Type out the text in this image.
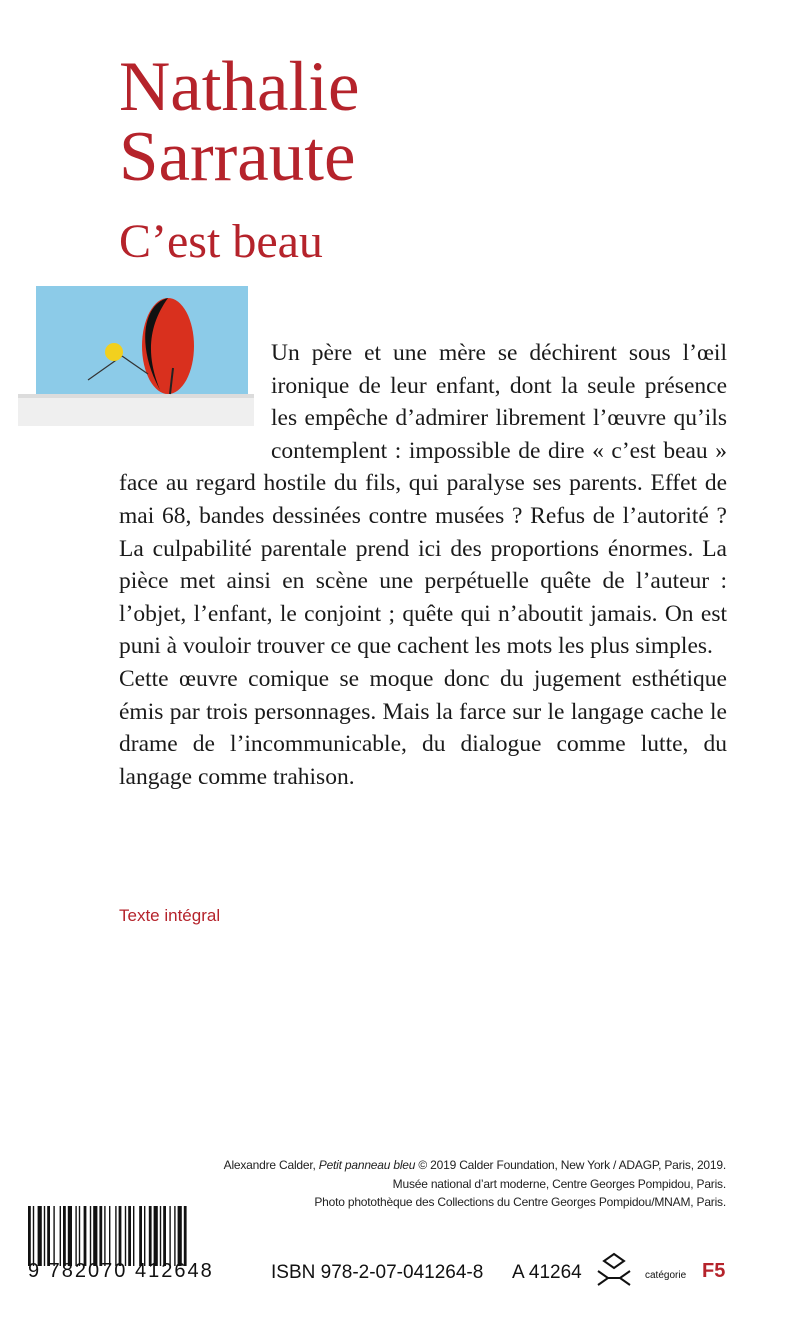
Nathalie
Sarraute
C’est beau

Un père et une mère se déchirent sous l’œil ironique de leur enfant, dont la seule présence les empêche d’admirer librement l’œuvre qu’ils contemplent : impossible de dire « c’est beau » face au regard hostile du fils, qui paralyse ses parents. Effet de mai 68, bandes dessinées contre musées ? Refus de l’autorité ? La culpabilité parentale prend ici des proportions énormes. La pièce met ainsi en scène une perpétuelle quête de l’auteur : l’objet, l’enfant, le conjoint ; quête qui n’aboutit jamais. On est puni à vouloir trouver ce que cachent les mots les plus simples.

Cette œuvre comique se moque donc du jugement esthétique émis par trois personnages. Mais la farce sur le langage cache le drame de l’incommunicable, du dialogue comme lutte, du langage comme trahison.

Texte intégral
Alexandre Calder, Petit panneau bleu © 2019 Calder Foundation, New York / ADAGP, Paris, 2019.
Musée national d’art moderne, Centre Georges Pompidou, Paris.
Photo photothèque des Collections du Centre Georges Pompidou/MNAM, Paris.
9 782070 412648	ISBN 978-2-07-041264-8 A 41264	catégorie F5
